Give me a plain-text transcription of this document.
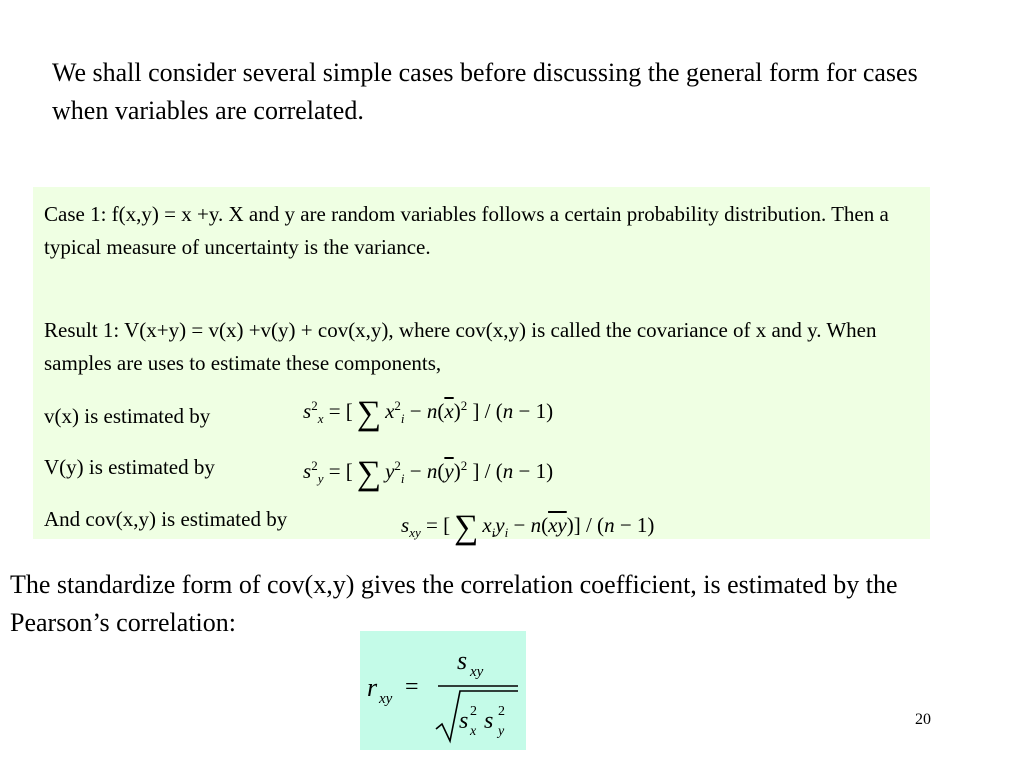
We shall consider several simple cases before discussing the general form for cases when variables are correlated.
Case 1: f(x,y) = x +y. X and y are random variables follows a certain probability distribution. Then a typical measure of uncertainty is the variance.
Result 1: V(x+y) = v(x) +v(y) + cov(x,y), where cov(x,y) is called the covariance of x and y. When samples are uses to estimate these components,
v(x) is estimated by	$s^2_x$ = [ ∑ $x^2_i - n(\overline{x})^2$ ] / (n − 1)
V(y) is estimated by	$s^2_y$ = [ ∑ $y^2_i - n(\overline{y})^2$ ] / (n − 1)
And cov(x,y) is estimated by	$s_{xy}$ = [ ∑ $x_iy_i - n(\overline{xy})] / (n - 1)$
The standardize form of cov(x,y) gives the correlation coefficient, is estimated by the Pearson’s correlation:
r xy =
s xy
s 2
x s 2
y
20
